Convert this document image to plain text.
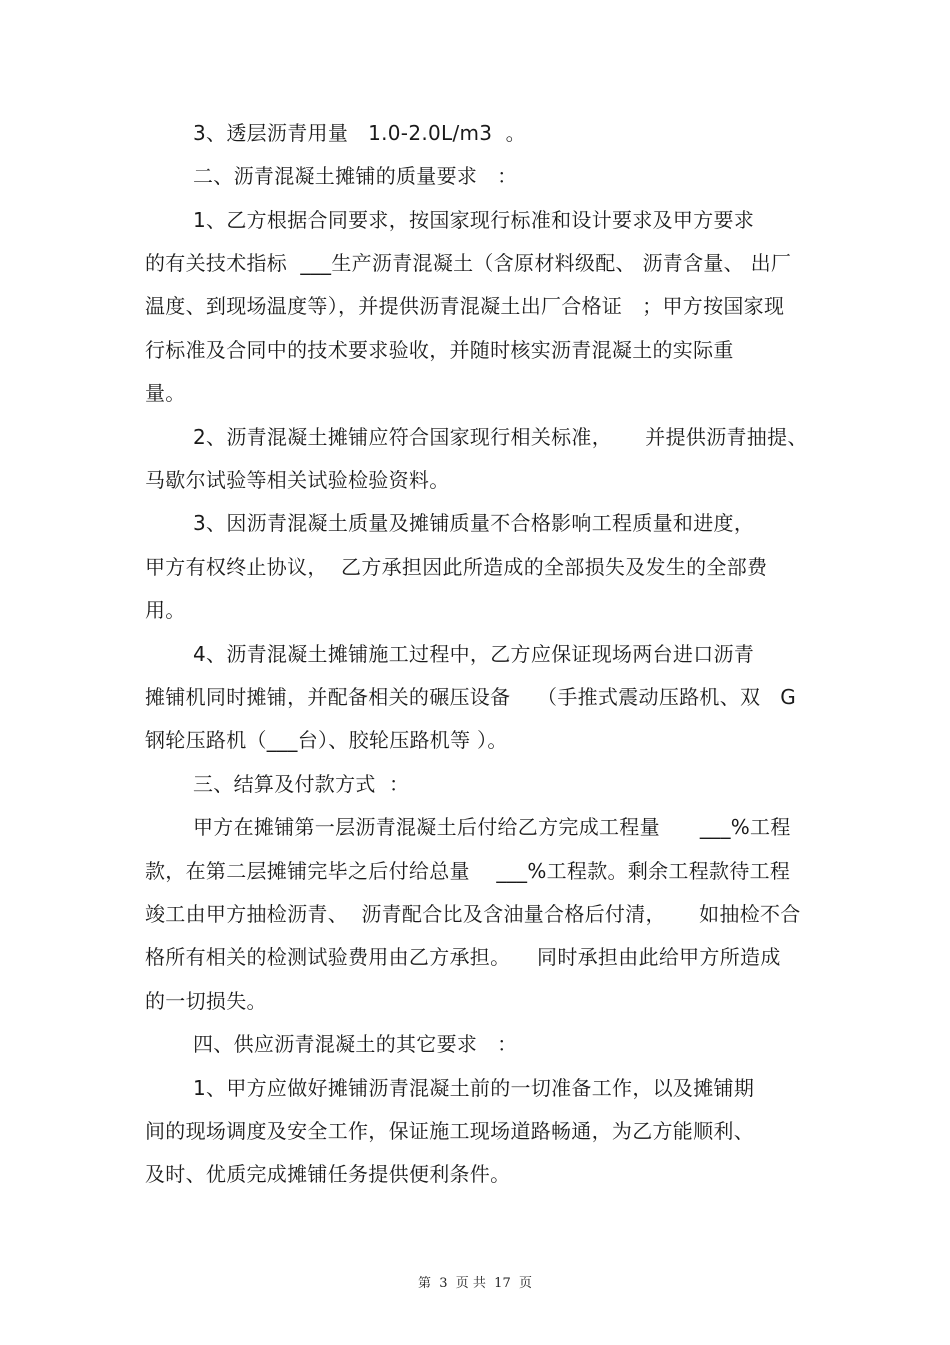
3、透层沥青用量   1.0-2.0L/m3  。
二、沥青混凝土摊铺的质量要求   ：
1、乙方根据合同要求，按国家现行标准和设计要求及甲方要求
的有关技术指标  ___生产沥青混凝土（含原材料级配、 沥青含量、 出厂
温度、到现场温度等），并提供沥青混凝土出厂合格证   ；甲方按国家现
行标准及合同中的技术要求验收，并随时核实沥青混凝土的实际重
量。
2、沥青混凝土摊铺应符合国家现行相关标准，     并提供沥青抽提、
马歇尔试验等相关试验检验资料。
3、因沥青混凝土质量及摊铺质量不合格影响工程质量和进度，
甲方有权终止协议，  乙方承担因此所造成的全部损失及发生的全部费
用。
4、沥青混凝土摊铺施工过程中，乙方应保证现场两台进口沥青
摊铺机同时摊铺，并配备相关的碾压设备    （手推式震动压路机、双   G
钢轮压路机（___台）、胶轮压路机等 ）。
三、结算及付款方式  ：
甲方在摊铺第一层沥青混凝土后付给乙方完成工程量      ___%工程
款，在第二层摊铺完毕之后付给总量    ___%工程款。剩余工程款待工程
竣工由甲方抽检沥青、  沥青配合比及含油量合格后付清，     如抽检不合
格所有相关的检测试验费用由乙方承担。    同时承担由此给甲方所造成
的一切损失。
四、供应沥青混凝土的其它要求   ：
1、甲方应做好摊铺沥青混凝土前的一切准备工作，以及摊铺期
间的现场调度及安全工作，保证施工现场道路畅通，为乙方能顺利、
及时、优质完成摊铺任务提供便利条件。
第  3  页 共  17  页
